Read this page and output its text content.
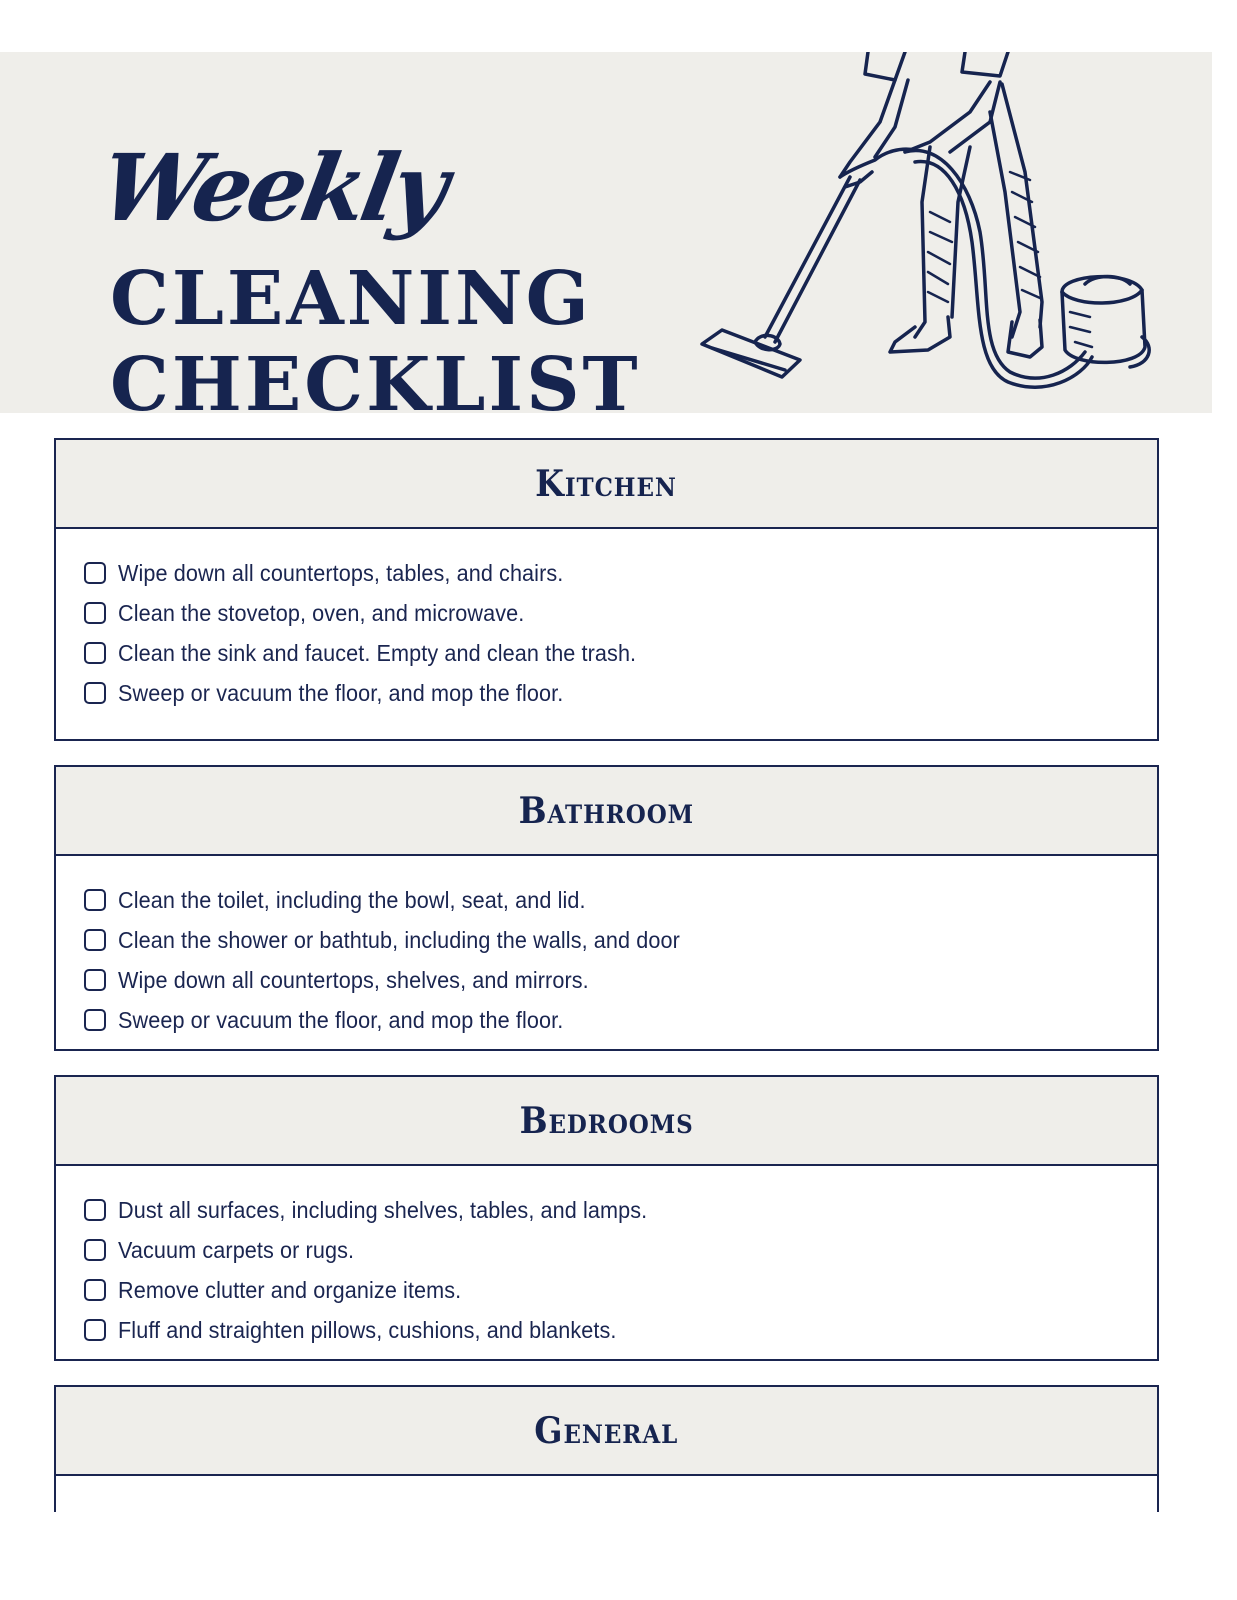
Weekly
CLEANING
CHECKLIST
Kitchen
Wipe down all countertops, tables, and chairs.
Clean the stovetop, oven, and microwave.
Clean the sink and faucet. Empty and clean the trash.
Sweep or vacuum the floor, and mop the floor.
Bathroom
Clean the toilet, including the bowl, seat, and lid.
Clean the shower or bathtub, including the walls, and door
Wipe down all countertops, shelves, and mirrors.
Sweep or vacuum the floor, and mop the floor.
Bedrooms
Dust all surfaces, including shelves, tables, and lamps.
Vacuum carpets or rugs.
Remove clutter and organize items.
Fluff and straighten pillows, cushions, and blankets.
General
